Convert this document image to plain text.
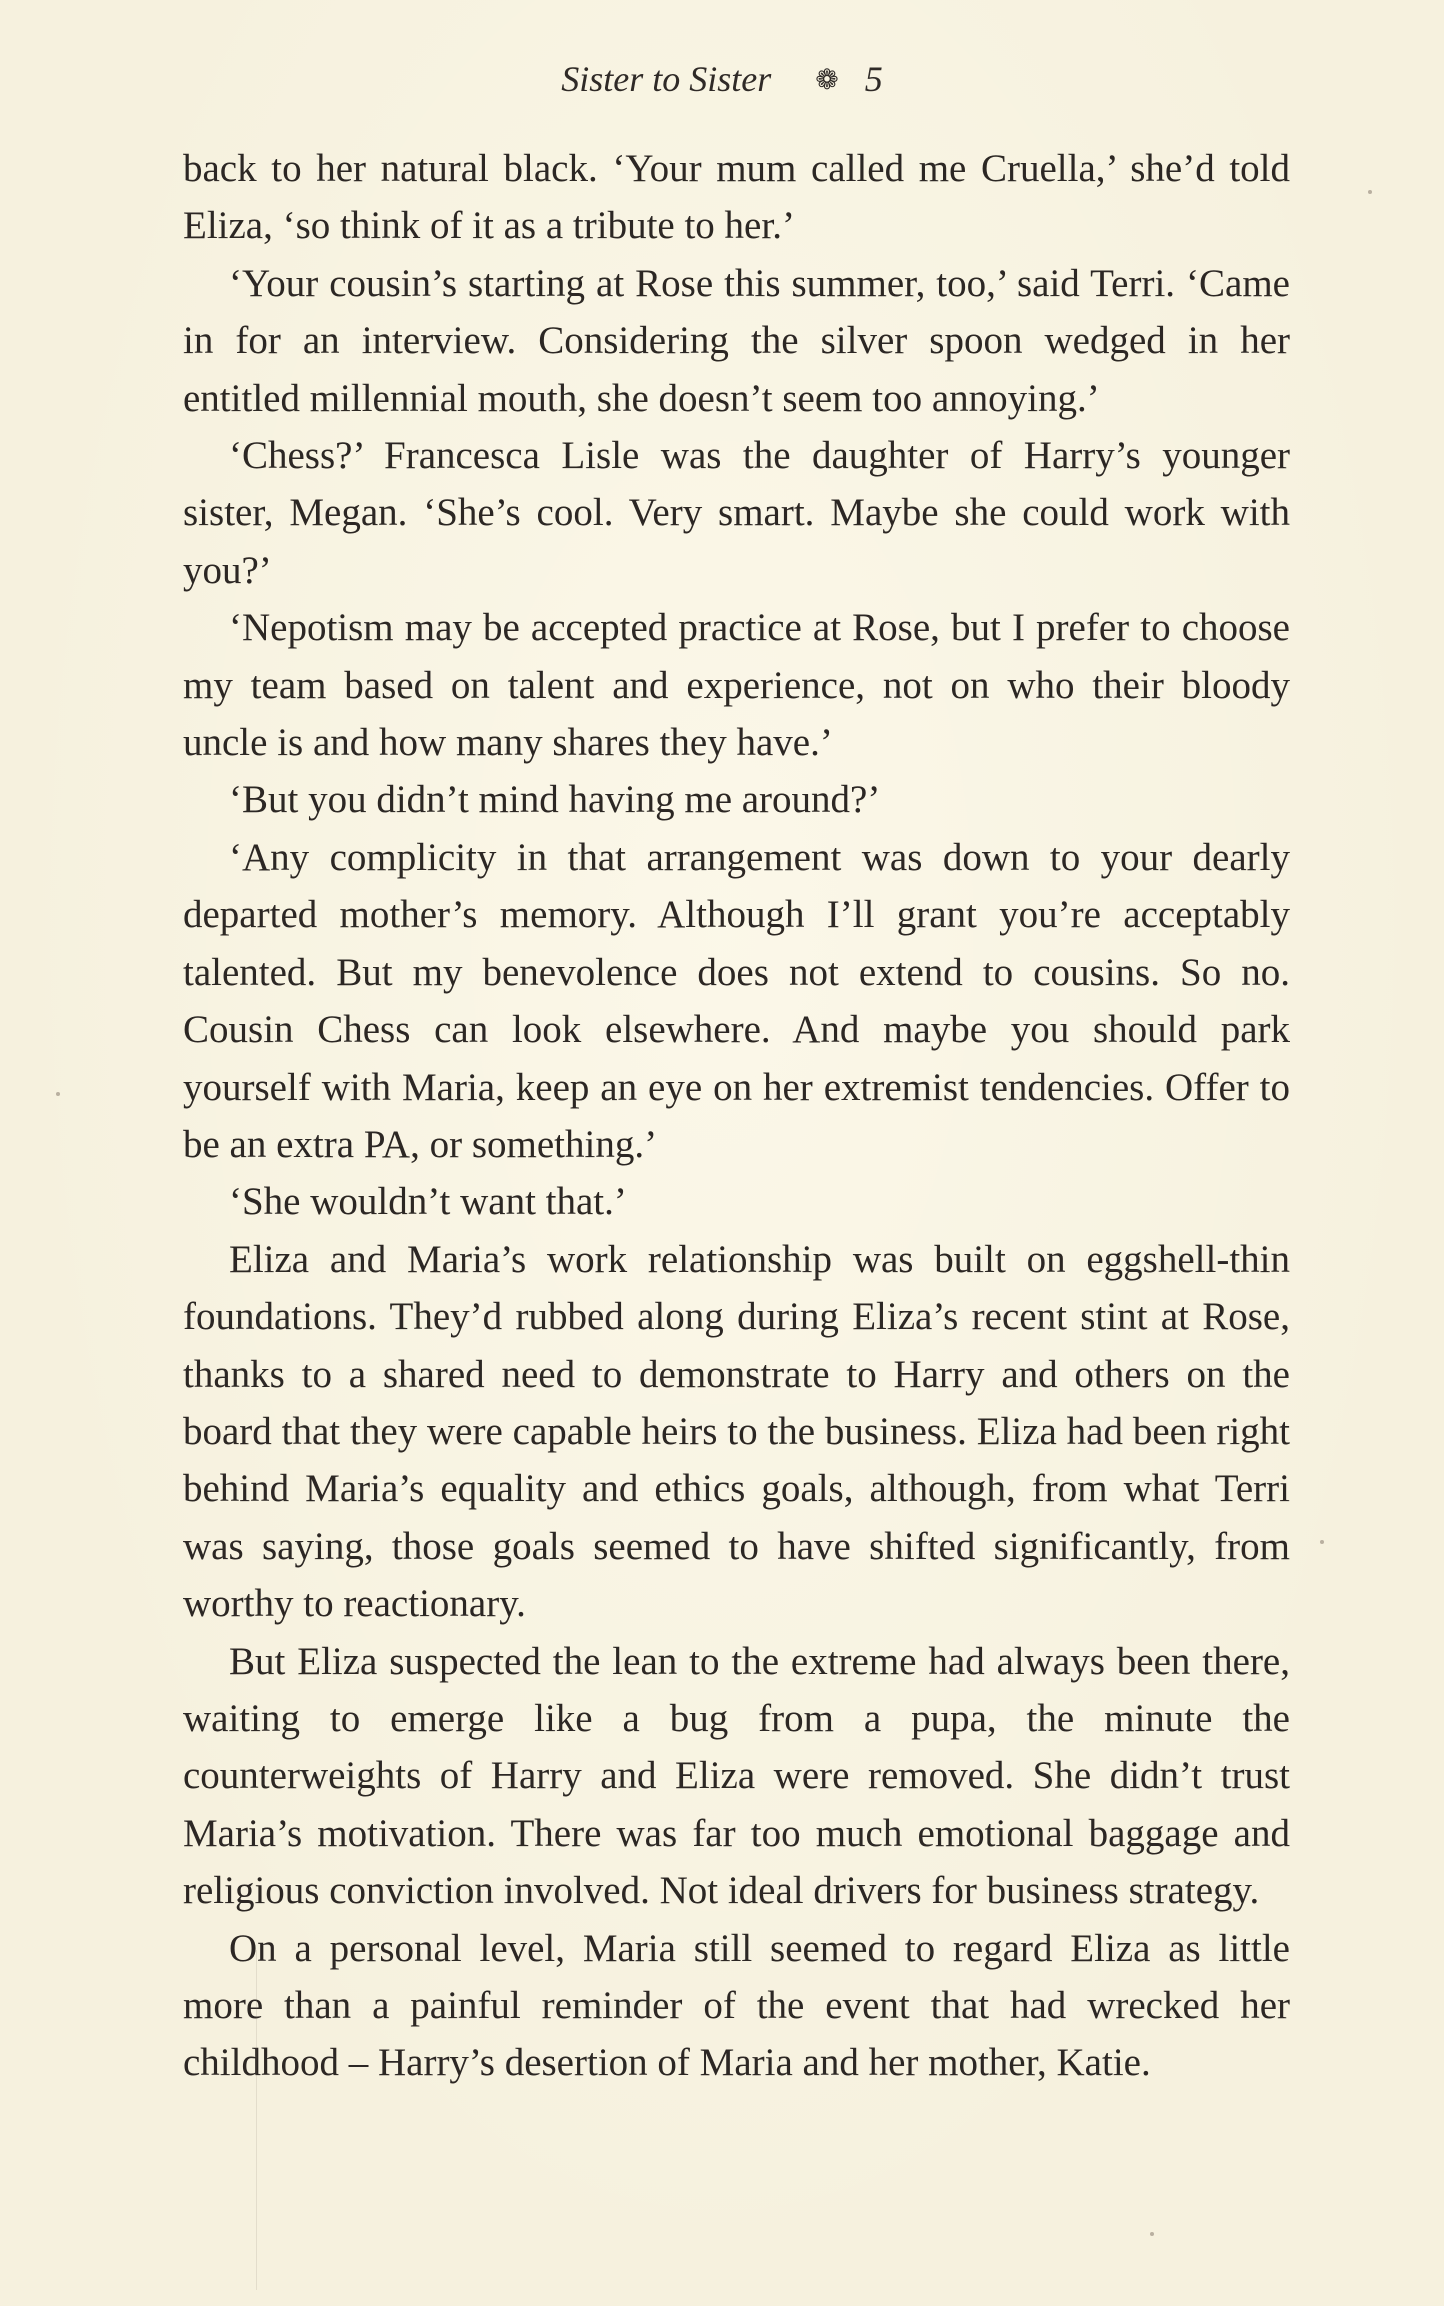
Sister to Sister ❁ 5

back to her natural black. ‘Your mum called me Cruella,’ she’d told Eliza, ‘so think of it as a tribute to her.’

‘Your cousin’s starting at Rose this summer, too,’ said Terri. ‘Came in for an interview. Considering the silver spoon wedged in her entitled millennial mouth, she doesn’t seem too annoying.’

‘Chess?’ Francesca Lisle was the daughter of Harry’s younger sister, Megan. ‘She’s cool. Very smart. Maybe she could work with you?’

‘Nepotism may be accepted practice at Rose, but I prefer to choose my team based on talent and experience, not on who their bloody uncle is and how many shares they have.’

‘But you didn’t mind having me around?’

‘Any complicity in that arrangement was down to your dearly departed mother’s memory. Although I’ll grant you’re acceptably talented. But my benevolence does not extend to cousins. So no. Cousin Chess can look elsewhere. And maybe you should park yourself with Maria, keep an eye on her extremist tendencies. Offer to be an extra PA, or something.’

‘She wouldn’t want that.’

Eliza and Maria’s work relationship was built on eggshell-thin foundations. They’d rubbed along during Eliza’s recent stint at Rose, thanks to a shared need to demonstrate to Harry and others on the board that they were capable heirs to the business. Eliza had been right behind Maria’s equality and ethics goals, although, from what Terri was saying, those goals seemed to have shifted significantly, from worthy to reactionary.

But Eliza suspected the lean to the extreme had always been there, waiting to emerge like a bug from a pupa, the minute the counterweights of Harry and Eliza were removed. She didn’t trust Maria’s motivation. There was far too much emotional baggage and religious conviction involved. Not ideal drivers for business strategy.

On a personal level, Maria still seemed to regard Eliza as little more than a painful reminder of the event that had wrecked her childhood – Harry’s desertion of Maria and her mother, Katie.
